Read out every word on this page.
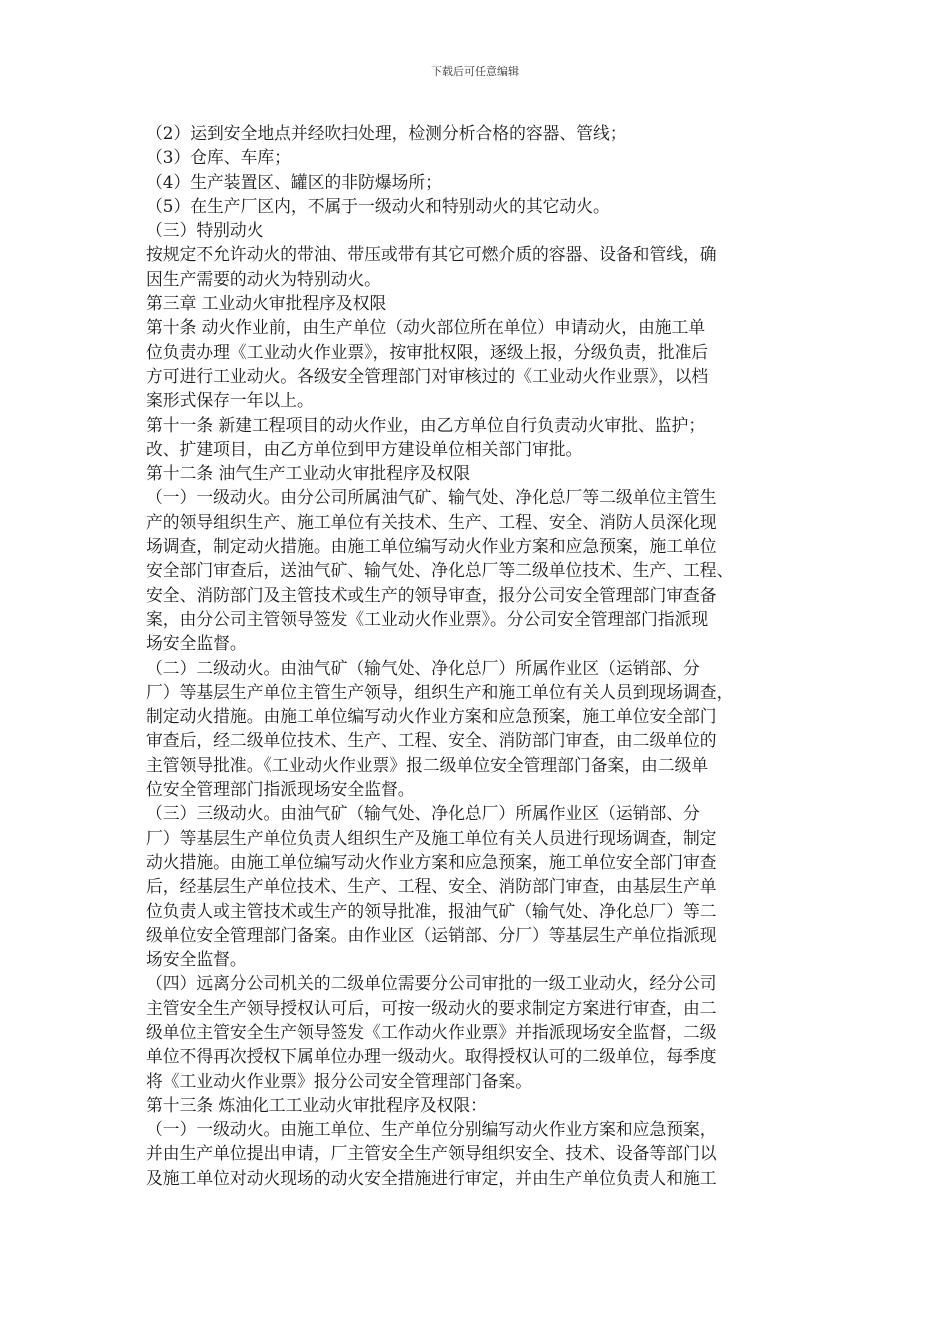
下载后可任意编辑
（2）运到安全地点并经吹扫处理，检测分析合格的容器、管线；
（3）仓库、车库；
（4）生产装置区、罐区的非防爆场所；
（5）在生产厂区内，不属于一级动火和特别动火的其它动火。
（三）特别动火
按规定不允许动火的带油、带压或带有其它可燃介质的容器、设备和管线，确
因生产需要的动火为特别动火。
第三章 工业动火审批程序及权限
第十条 动火作业前，由生产单位（动火部位所在单位）申请动火，由施工单
位负责办理《工业动火作业票》，按审批权限，逐级上报，分级负责，批准后
方可进行工业动火。各级安全管理部门对审核过的《工业动火作业票》，以档
案形式保存一年以上。
第十一条 新建工程项目的动火作业，由乙方单位自行负责动火审批、监护；
改、扩建项目，由乙方单位到甲方建设单位相关部门审批。
第十二条 油气生产工业动火审批程序及权限
（一）一级动火。由分公司所属油气矿、输气处、净化总厂等二级单位主管生
产的领导组织生产、施工单位有关技术、生产、工程、安全、消防人员深化现
场调查，制定动火措施。由施工单位编写动火作业方案和应急预案，施工单位
安全部门审查后，送油气矿、输气处、净化总厂等二级单位技术、生产、工程、
安全、消防部门及主管技术或生产的领导审查，报分公司安全管理部门审查备
案，由分公司主管领导签发《工业动火作业票》。分公司安全管理部门指派现
场安全监督。
（二）二级动火。由油气矿（输气处、净化总厂）所属作业区（运销部、分
厂）等基层生产单位主管生产领导，组织生产和施工单位有关人员到现场调查，
制定动火措施。由施工单位编写动火作业方案和应急预案，施工单位安全部门
审查后，经二级单位技术、生产、工程、安全、消防部门审查，由二级单位的
主管领导批准。《工业动火作业票》报二级单位安全管理部门备案，由二级单
位安全管理部门指派现场安全监督。
（三）三级动火。由油气矿（输气处、净化总厂）所属作业区（运销部、分
厂）等基层生产单位负责人组织生产及施工单位有关人员进行现场调查，制定
动火措施。由施工单位编写动火作业方案和应急预案，施工单位安全部门审查
后，经基层生产单位技术、生产、工程、安全、消防部门审查，由基层生产单
位负责人或主管技术或生产的领导批准，报油气矿（输气处、净化总厂）等二
级单位安全管理部门备案。由作业区（运销部、分厂）等基层生产单位指派现
场安全监督。
（四）远离分公司机关的二级单位需要分公司审批的一级工业动火，经分公司
主管安全生产领导授权认可后，可按一级动火的要求制定方案进行审查，由二
级单位主管安全生产领导签发《工作动火作业票》并指派现场安全监督，二级
单位不得再次授权下属单位办理一级动火。取得授权认可的二级单位，每季度
将《工业动火作业票》报分公司安全管理部门备案。
第十三条 炼油化工工业动火审批程序及权限：
（一）一级动火。由施工单位、生产单位分别编写动火作业方案和应急预案，
并由生产单位提出申请，厂主管安全生产领导组织安全、技术、设备等部门以
及施工单位对动火现场的动火安全措施进行审定，并由生产单位负责人和施工
